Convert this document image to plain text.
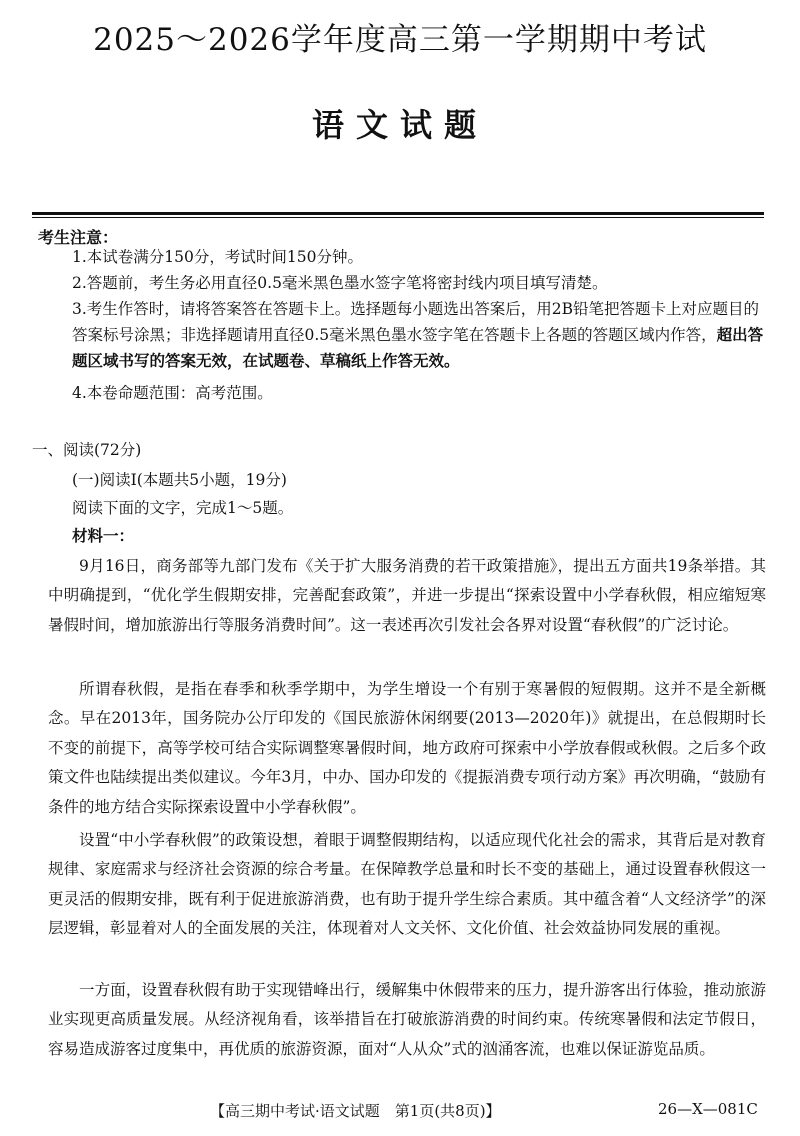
2025～2026学年度高三第一学期期中考试
语文试题
考生注意：
1.本试卷满分150分，考试时间150分钟。
2.答题前，考生务必用直径0.5毫米黑色墨水签字笔将密封线内项目填写清楚。
3.考生作答时，请将答案答在答题卡上。选择题每小题选出答案后，用2B铅笔把答题卡上对应题目的答案标号涂黑；非选择题请用直径0.5毫米黑色墨水签字笔在答题卡上各题的答题区域内作答，超出答题区域书写的答案无效，在试题卷、草稿纸上作答无效。
4.本卷命题范围：高考范围。
一、阅读(72分)
(一)阅读Ⅰ(本题共5小题，19分)
阅读下面的文字，完成1～5题。
材料一：

9月16日，商务部等九部门发布《关于扩大服务消费的若干政策措施》，提出五方面共19条举措。其中明确提到，“优化学生假期安排，完善配套政策”，并进一步提出“探索设置中小学春秋假，相应缩短寒暑假时间，增加旅游出行等服务消费时间”。这一表述再次引发社会各界对设置“春秋假”的广泛讨论。

所谓春秋假，是指在春季和秋季学期中，为学生增设一个有别于寒暑假的短假期。这并不是全新概念。早在2013年，国务院办公厅印发的《国民旅游休闲纲要(2013—2020年)》就提出，在总假期时长不变的前提下，高等学校可结合实际调整寒暑假时间，地方政府可探索中小学放春假或秋假。之后多个政策文件也陆续提出类似建议。今年3月，中办、国办印发的《提振消费专项行动方案》再次明确，“鼓励有条件的地方结合实际探索设置中小学春秋假”。

设置“中小学春秋假”的政策设想，着眼于调整假期结构，以适应现代化社会的需求，其背后是对教育规律、家庭需求与经济社会资源的综合考量。在保障教学总量和时长不变的基础上，通过设置春秋假这一更灵活的假期安排，既有利于促进旅游消费，也有助于提升学生综合素质。其中蕴含着“人文经济学”的深层逻辑，彰显着对人的全面发展的关注，体现着对人文关怀、文化价值、社会效益协同发展的重视。

一方面，设置春秋假有助于实现错峰出行，缓解集中休假带来的压力，提升游客出行体验，推动旅游业实现更高质量发展。从经济视角看，该举措旨在打破旅游消费的时间约束。传统寒暑假和法定节假日，容易造成游客过度集中，再优质的旅游资源，面对“人从众”式的汹涌客流，也难以保证游览品质。

【高三期中考试·语文试题　第1页(共8页)】	26—X—081C
